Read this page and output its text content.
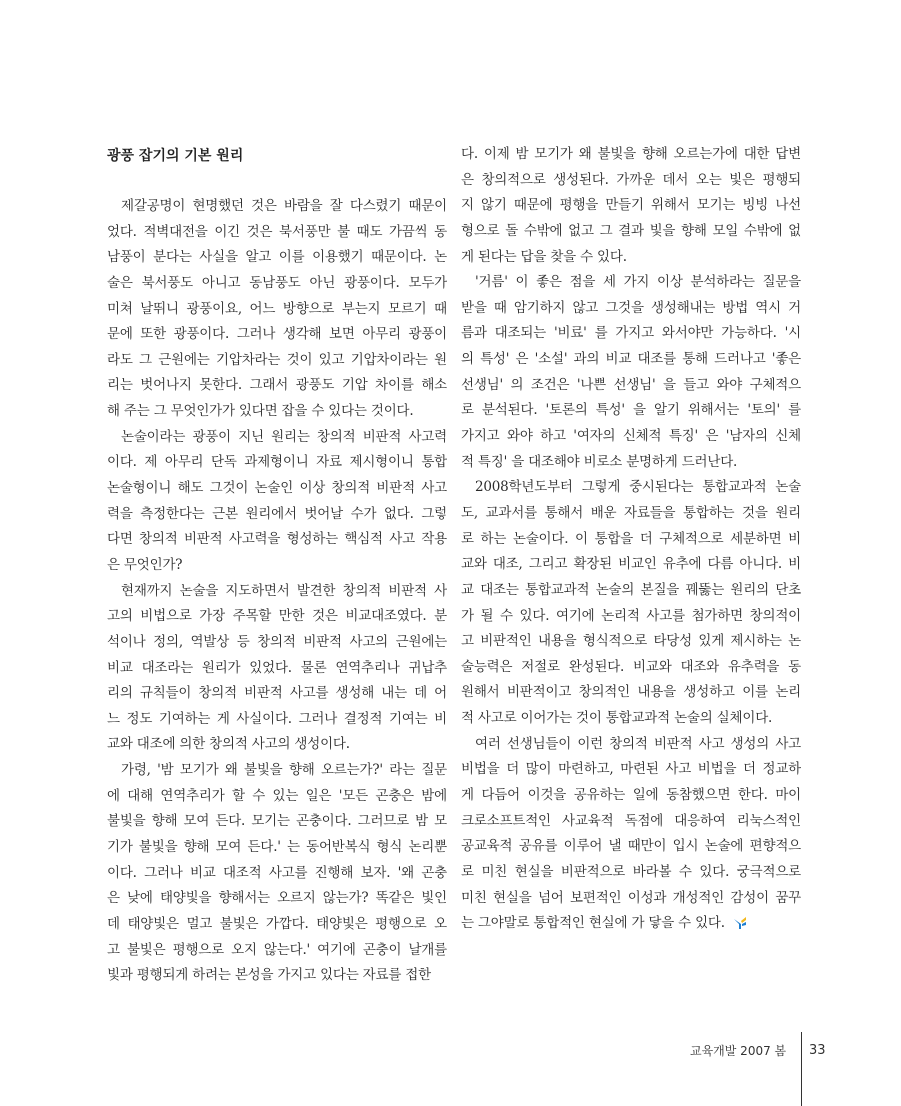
광풍 잡기의 기본 원리
제갈공명이 현명했던 것은 바람을 잘 다스렸기 때문이
었다. 적벽대전을 이긴 것은 북서풍만 불 때도 가끔씩 동
남풍이 분다는 사실을 알고 이를 이용했기 때문이다. 논
술은 북서풍도 아니고 동남풍도 아닌 광풍이다. 모두가
미쳐 날뛰니 광풍이요, 어느 방향으로 부는지 모르기 때
문에 또한 광풍이다. 그러나 생각해 보면 아무리 광풍이
라도 그 근원에는 기압차라는 것이 있고 기압차이라는 원
리는 벗어나지 못한다. 그래서 광풍도 기압 차이를 해소
해 주는 그 무엇인가가 있다면 잡을 수 있다는 것이다.
논술이라는 광풍이 지닌 원리는 창의적 비판적 사고력
이다. 제 아무리 단독 과제형이니 자료 제시형이니 통합
논술형이니 해도 그것이 논술인 이상 창의적 비판적 사고
력을 측정한다는 근본 원리에서 벗어날 수가 없다. 그렇
다면 창의적 비판적 사고력을 형성하는 핵심적 사고 작용
은 무엇인가?
현재까지 논술을 지도하면서 발견한 창의적 비판적 사
고의 비법으로 가장 주목할 만한 것은 비교대조였다. 분
석이나 정의, 역발상 등 창의적 비판적 사고의 근원에는
비교 대조라는 원리가 있었다. 물론 연역추리나 귀납추
리의 규칙들이 창의적 비판적 사고를 생성해 내는 데 어
느 정도 기여하는 게 사실이다. 그러나 결정적 기여는 비
교와 대조에 의한 창의적 사고의 생성이다.
가령, '밤 모기가 왜 불빛을 향해 오르는가?' 라는 질문
에 대해 연역추리가 할 수 있는 일은 '모든 곤충은 밤에
불빛을 향해 모여 든다. 모기는 곤충이다. 그러므로 밤 모
기가 불빛을 향해 모여 든다.' 는 동어반복식 형식 논리뿐
이다. 그러나 비교 대조적 사고를 진행해 보자. '왜 곤충
은 낮에 태양빛을 향해서는 오르지 않는가? 똑같은 빛인
데 태양빛은 멀고 불빛은 가깝다. 태양빛은 평행으로 오
고 불빛은 평행으로 오지 않는다.' 여기에 곤충이 날개를
빛과 평행되게 하려는 본성을 가지고 있다는 자료를 접한
다. 이제 밤 모기가 왜 불빛을 향해 오르는가에 대한 답변
은 창의적으로 생성된다. 가까운 데서 오는 빛은 평행되
지 않기 때문에 평행을 만들기 위해서 모기는 빙빙 나선
형으로 돌 수밖에 없고 그 결과 빛을 향해 모일 수밖에 없
게 된다는 답을 찾을 수 있다.
'거름' 이 좋은 점을 세 가지 이상 분석하라는 질문을
받을 때 암기하지 않고 그것을 생성해내는 방법 역시 거
름과 대조되는 '비료' 를 가지고 와서야만 가능하다. '시
의 특성' 은 '소설' 과의 비교 대조를 통해 드러나고 '좋은
선생님' 의 조건은 '나쁜 선생님' 을 들고 와야 구체적으
로 분석된다. '토론의 특성' 을 알기 위해서는 '토의' 를
가지고 와야 하고 '여자의 신체적 특징' 은 '남자의 신체
적 특징' 을 대조해야 비로소 분명하게 드러난다.
2008학년도부터 그렇게 중시된다는 통합교과적 논술
도, 교과서를 통해서 배운 자료들을 통합하는 것을 원리
로 하는 논술이다. 이 통합을 더 구체적으로 세분하면 비
교와 대조, 그리고 확장된 비교인 유추에 다름 아니다. 비
교 대조는 통합교과적 논술의 본질을 꿰뚫는 원리의 단초
가 될 수 있다. 여기에 논리적 사고를 첨가하면 창의적이
고 비판적인 내용을 형식적으로 타당성 있게 제시하는 논
술능력은 저절로 완성된다. 비교와 대조와 유추력을 동
원해서 비판적이고 창의적인 내용을 생성하고 이를 논리
적 사고로 이어가는 것이 통합교과적 논술의 실체이다.
여러 선생님들이 이런 창의적 비판적 사고 생성의 사고
비법을 더 많이 마련하고, 마련된 사고 비법을 더 정교하
게 다듬어 이것을 공유하는 일에 동참했으면 한다. 마이
크로소프트적인 사교육적 독점에 대응하여 리눅스적인
공교육적 공유를 이루어 낼 때만이 입시 논술에 편향적으
로 미친 현실을 비판적으로 바라볼 수 있다. 궁극적으로
미친 현실을 넘어 보편적인 이성과 개성적인 감성이 꿈꾸
는 그야말로 통합적인 현실에 가 닿을 수 있다.
교육개발 2007 봄 33
